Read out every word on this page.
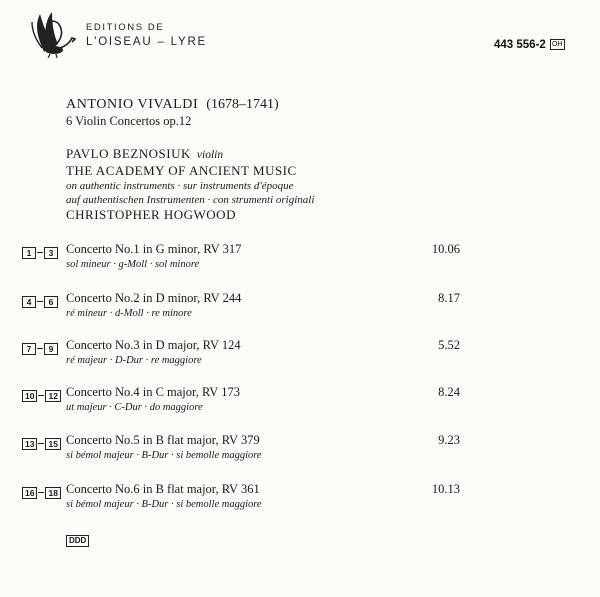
EDITIONS DE
L'OISEAU – LYRE	443 556-2 OH
ANTONIO VIVALDI (1678–1741)
6 Violin Concertos op.12
PAVLO BEZNOSIUK violin
THE ACADEMY OF ANCIENT MUSIC
on authentic instruments · sur instruments d'époque
auf authentischen Instrumenten · con strumenti originali
CHRISTOPHER HOGWOOD
1 3	Concerto No.1 in G minor, RV 317
sol mineur · g-Moll · sol minore
10.06
4 6	Concerto No.2 in D minor, RV 244
ré mineur · d-Moll · re minore
8.17
7 9	Concerto No.3 in D major, RV 124
ré majeur · D-Dur · re maggiore
5.52
10 12 Concerto No.4 in C major, RV 173
ut majeur · C-Dur · do maggiore
8.24
13 15 Concerto No.5 in B flat major, RV 379
si bémol majeur · B-Dur · si bemolle maggiore
9.23
16 18 Concerto No.6 in B flat major, RV 361
si bémol majeur · B-Dur · si bemolle maggiore
10.13
DDD
